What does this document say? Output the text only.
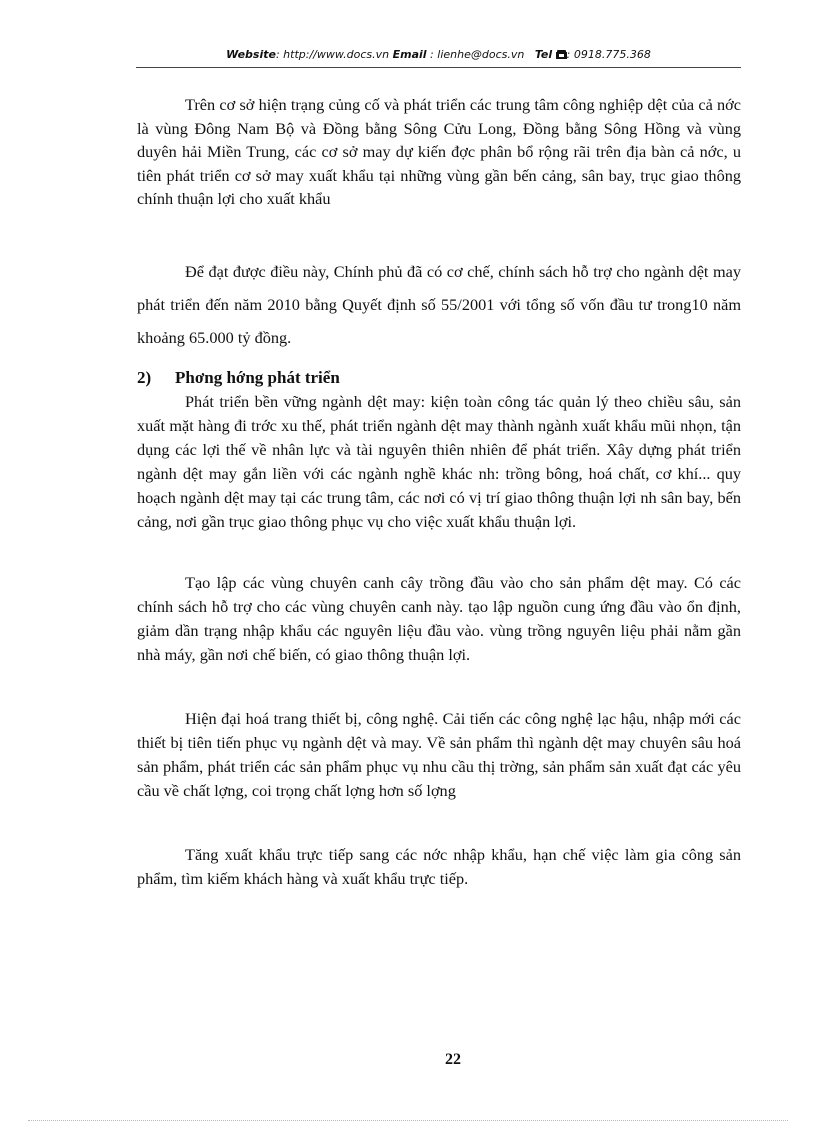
Website: http://www.docs.vn Email : lienhe@docs.vn Tel : 0918.775.368
Trên cơ sở hiện trạng củng cố và phát triển các trung tâm công nghiệp dệt của cả nớc là vùng Đông Nam Bộ và Đồng bằng Sông Cửu Long, Đồng bằng Sông Hồng và vùng duyên hải Miền Trung, các cơ sở may dự kiến đợc phân bổ rộng rãi trên địa bàn cả nớc, u tiên phát triển cơ sở may xuất khẩu tại những vùng gần bến cảng, sân bay, trục giao thông chính thuận lợi cho xuất khẩu
Để đạt được điều này, Chính phủ đã có cơ chế, chính sách hỗ trợ cho ngành dệt may phát triển đến năm 2010 bằng Quyết định số 55/2001 với tổng số vốn đầu tư trong10 năm khoảng 65.000 tỷ đồng.
2) Phơng hớng phát triển
Phát triển bền vững ngành dệt may: kiện toàn công tác quản lý theo chiều sâu, sản xuất mặt hàng đi trớc xu thế, phát triển ngành dệt may thành ngành xuất khẩu mũi nhọn, tận dụng các lợi thế về nhân lực và tài nguyên thiên nhiên để phát triển. Xây dựng phát triển ngành dệt may gắn liền với các ngành nghề khác nh: trồng bông, hoá chất, cơ khí... quy hoạch ngành dệt may tại các trung tâm, các nơi có vị trí giao thông thuận lợi nh sân bay, bến cảng, nơi gần trục giao thông phục vụ cho việc xuất khẩu thuận lợi.
Tạo lập các vùng chuyên canh cây trồng đầu vào cho sản phẩm dệt may. Có các chính sách hỗ trợ cho các vùng chuyên canh này. tạo lập nguồn cung ứng đầu vào ổn định, giảm dần trạng nhập khẩu các nguyên liệu đầu vào. vùng trồng nguyên liệu phải nằm gần nhà máy, gần nơi chế biến, có giao thông thuận lợi.
Hiện đại hoá trang thiết bị, công nghệ. Cải tiến các công nghệ lạc hậu, nhập mới các thiết bị tiên tiến phục vụ ngành dệt và may. Về sản phẩm thì ngành dệt may chuyên sâu hoá sản phẩm, phát triển các sản phẩm phục vụ nhu cầu thị trờng, sản phẩm sản xuất đạt các yêu cầu về chất lợng, coi trọng chất lợng hơn số lợng
Tăng xuất khẩu trực tiếp sang các nớc nhập khẩu, hạn chế việc làm gia công sản phẩm, tìm kiếm khách hàng và xuất khẩu trực tiếp.
22
